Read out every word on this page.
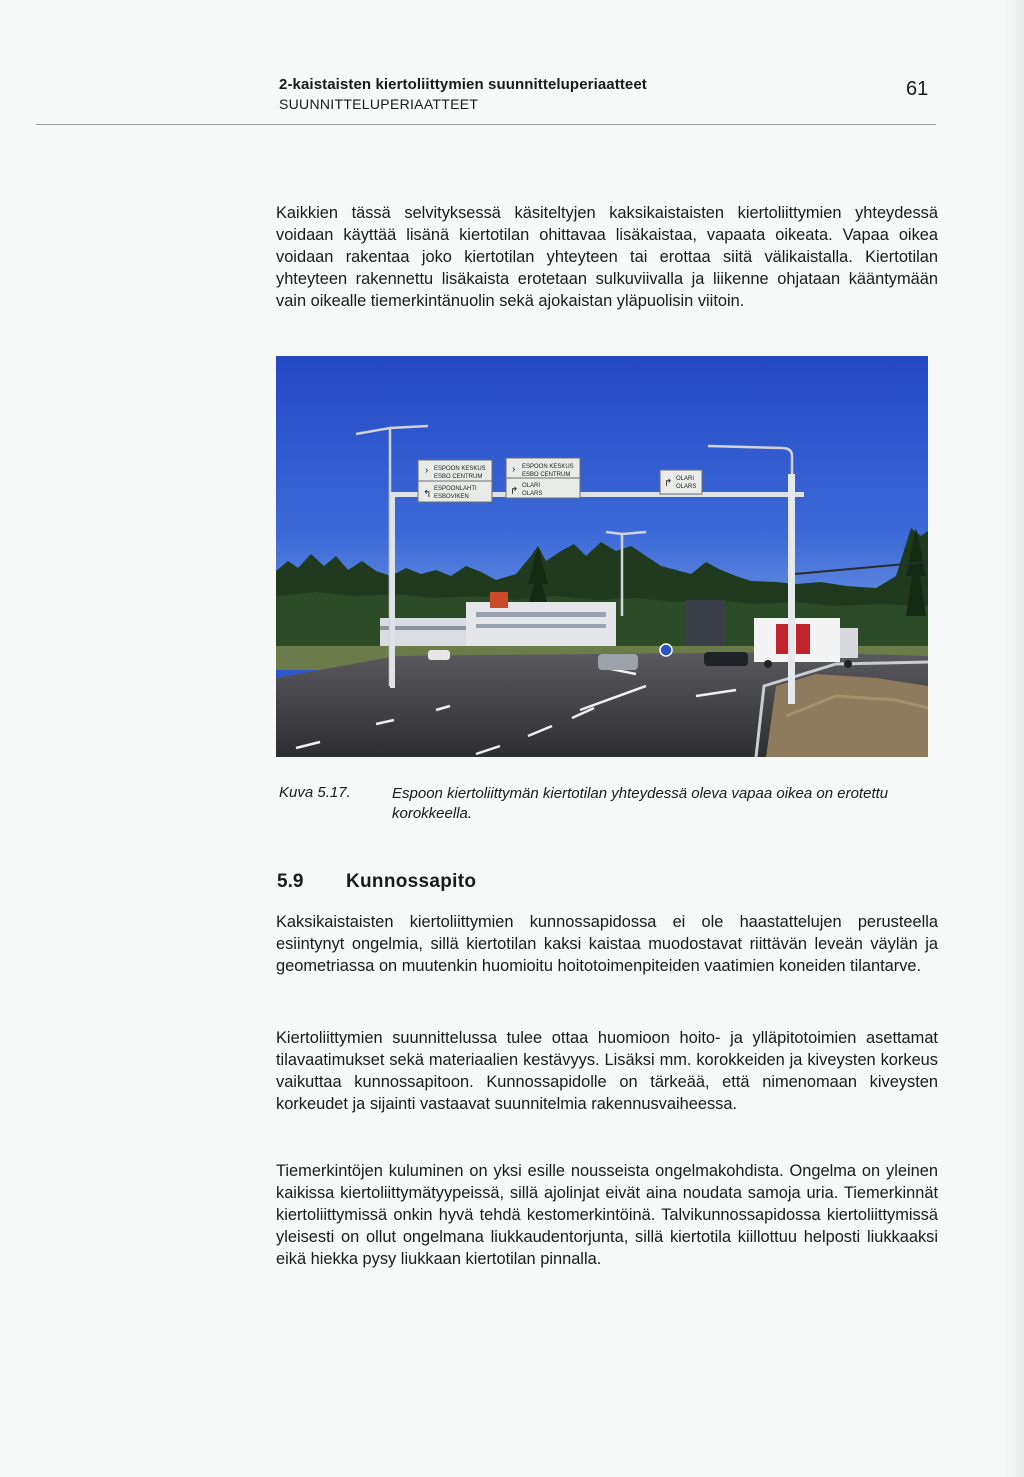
2-kaistaisten kiertoliittymien suunnitteluperiaatteet
SUUNNITTELUPERIAATTEET
61

Kaikkien tässä selvityksessä käsiteltyjen kaksikaistaisten kiertoliittymien yhteydessä voidaan käyttää lisänä kiertotilan ohittavaa lisäkaistaa, vapaata oikeata. Vapaa oikea voidaan rakentaa joko kiertotilan yhteyteen tai erottaa siitä välikaistalla. Kiertotilan yhteyteen rakennettu lisäkaista erotetaan sulkuviivalla ja liikenne ohjataan kääntymään vain oikealle tiemerkintänuolin sekä ajokaistan yläpuolisin viitoin.

›
↰
ESPOON KESKUS
ESBO CENTRUM
ESPOONLAHTI
ESBOVIKEN
›
↱
ESPOON KESKUS
ESBO CENTRUM
OLARI
OLARS
↱ OLARI
OLARS
Kuva 5.17.	Espoon kiertoliittymän kiertotilan yhteydessä oleva vapaa oikea on erotettu korokkeella.
5.9 Kunnossapito

Kaksikaistaisten kiertoliittymien kunnossapidossa ei ole haastattelujen perusteella esiintynyt ongelmia, sillä kiertotilan kaksi kaistaa muodostavat riittävän leveän väylän ja geometriassa on muutenkin huomioitu hoitotoimenpiteiden vaatimien koneiden tilantarve.

Kiertoliittymien suunnittelussa tulee ottaa huomioon hoito- ja ylläpitotoimien asettamat tilavaatimukset sekä materiaalien kestävyys. Lisäksi mm. korokkeiden ja kiveysten korkeus vaikuttaa kunnossapitoon. Kunnossapidolle on tärkeää, että nimenomaan kiveysten korkeudet ja sijainti vastaavat suunnitelmia rakennusvaiheessa.

Tiemerkintöjen kuluminen on yksi esille nousseista ongelmakohdista. Ongelma on yleinen kaikissa kiertoliittymätyypeissä, sillä ajolinjat eivät aina noudata samoja uria. Tiemerkinnät kiertoliittymissä onkin hyvä tehdä kestomerkintöinä. Talvikunnossapidossa kiertoliittymissä yleisesti on ollut ongelmana liukkaudentorjunta, sillä kiertotila kiillottuu helposti liukkaaksi eikä hiekka pysy liukkaan kiertotilan pinnalla.
